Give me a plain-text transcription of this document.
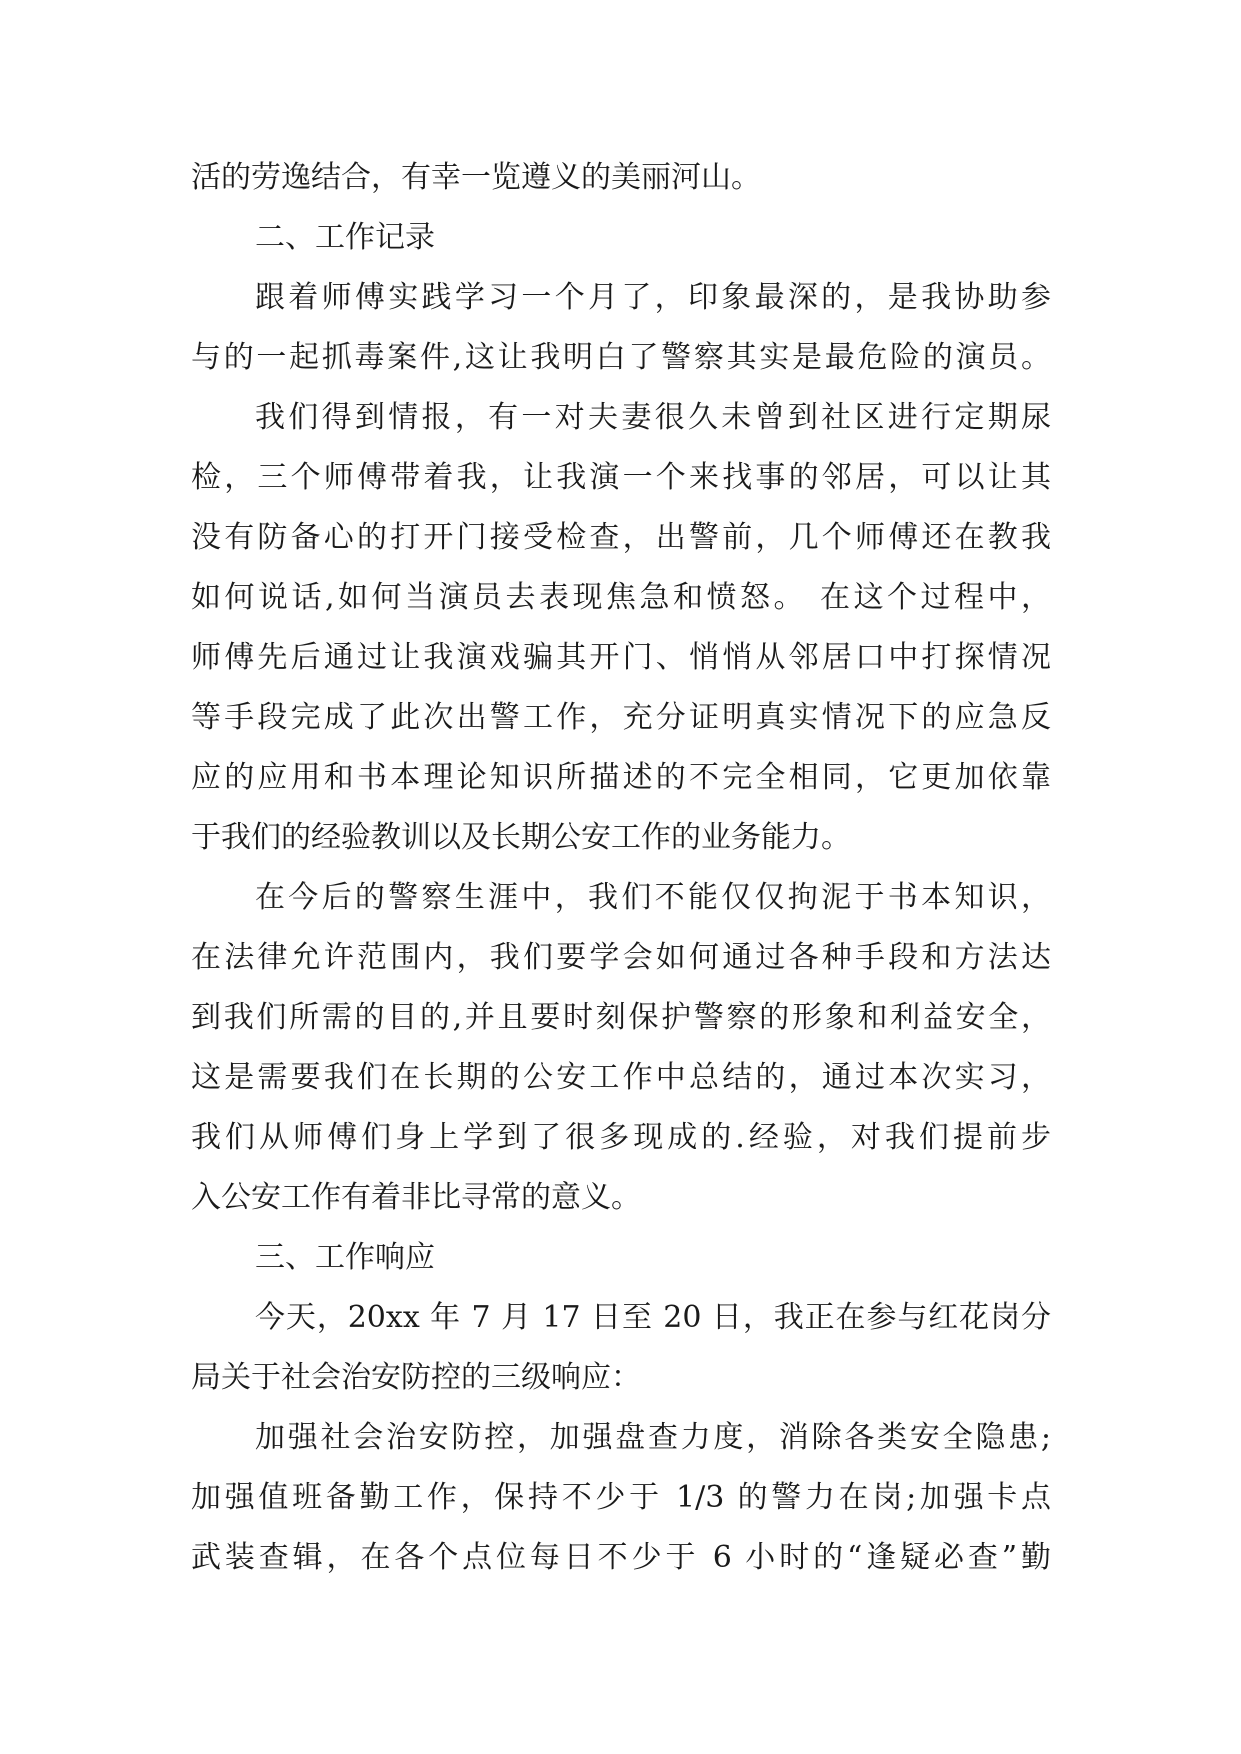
活的劳逸结合，有幸一览遵义的美丽河山。
二、工作记录
跟着师傅实践学习一个月了，印象最深的，是我协助参
与的一起抓毒案件,这让我明白了警察其实是最危险的演员。
我们得到情报，有一对夫妻很久未曾到社区进行定期尿
检，三个师傅带着我，让我演一个来找事的邻居，可以让其
没有防备心的打开门接受检查，出警前，几个师傅还在教我
如何说话,如何当演员去表现焦急和愤怒。 在这个过程中，
师傅先后通过让我演戏骗其开门、悄悄从邻居口中打探情况
等手段完成了此次出警工作，充分证明真实情况下的应急反
应的应用和书本理论知识所描述的不完全相同，它更加依靠
于我们的经验教训以及长期公安工作的业务能力。
在今后的警察生涯中，我们不能仅仅拘泥于书本知识，
在法律允许范围内，我们要学会如何通过各种手段和方法达
到我们所需的目的,并且要时刻保护警察的形象和利益安全，
这是需要我们在长期的公安工作中总结的，通过本次实习，
我们从师傅们身上学到了很多现成的.经验，对我们提前步
入公安工作有着非比寻常的意义。
三、工作响应
今天，20xx 年 7 月 17 日至 20 日，我正在参与红花岗分
局关于社会治安防控的三级响应：
加强社会治安防控，加强盘查力度，消除各类安全隐患;
加强值班备勤工作，保持不少于 1/3 的警力在岗;加强卡点
武装查辑，在各个点位每日不少于 6 小时的“逢疑必查”勤
